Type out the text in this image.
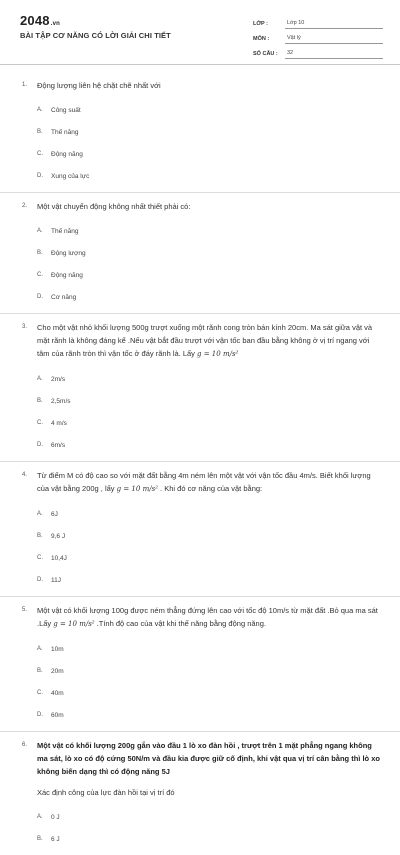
2048.vn
BÀI TẬP CƠ NĂNG CÓ LỜI GIẢI CHI TIẾT
LỚP :	Lớp 10
MÔN :	Vật lý
SỐ CÂU :	32
1.	Động lượng liên hệ chặt chẽ nhất với
A.	Công suất
B.	Thế năng
C.	Động năng
D.	Xung của lực
2.	Một vật chuyển động không nhất thiết phải có:
A.	Thế năng
B.	Động lượng
C.	Động năng
D.	Cơ năng
3.	Cho một vật nhỏ khối lượng 500g trượt xuống một rãnh cong tròn bán kính 20cm. Ma sát giữa vật và mặt rãnh là không đáng kể .Nếu vật bắt đầu trượt với vận tốc ban đầu bằng không ở vị trí ngang với tâm của rãnh tròn thì vận tốc ở đáy rãnh là. Lấy g = 10 m/s²
A.	2m/s
B.	2,5m/s
C.	4 m/s
D.	6m/s
4.	Từ điểm M có độ cao so với mặt đất bằng 4m ném lên một vật với vận tốc đầu 4m/s. Biết khối lượng của vật bằng 200g , lấy g = 10 m/s² . Khi đó cơ năng của vật bằng:
A.	6J
B.	9,6 J
C.	10,4J
D.	11J
5.	Một vật có khối lượng 100g được ném thẳng đứng lên cao với tốc độ 10m/s từ mặt đất .Bỏ qua ma sát .Lấy g = 10 m/s² .Tính độ cao của vật khi thế năng bằng động năng.
A.	10m
B.	20m
C.	40m
D.	60m
6.	Một vật có khối lượng 200g gắn vào đầu 1 lò xo đàn hồi , trượt trên 1 mặt phẳng ngang không ma sát, lò xo có độ cứng 50N/m và đầu kia được giữ cố định, khi vật qua vị trí cân bằng thì lò xo không biến dạng thì có động năng 5J
Xác định công của lực đàn hồi tại vị trí đó
A.	0 J
B.	6 J
